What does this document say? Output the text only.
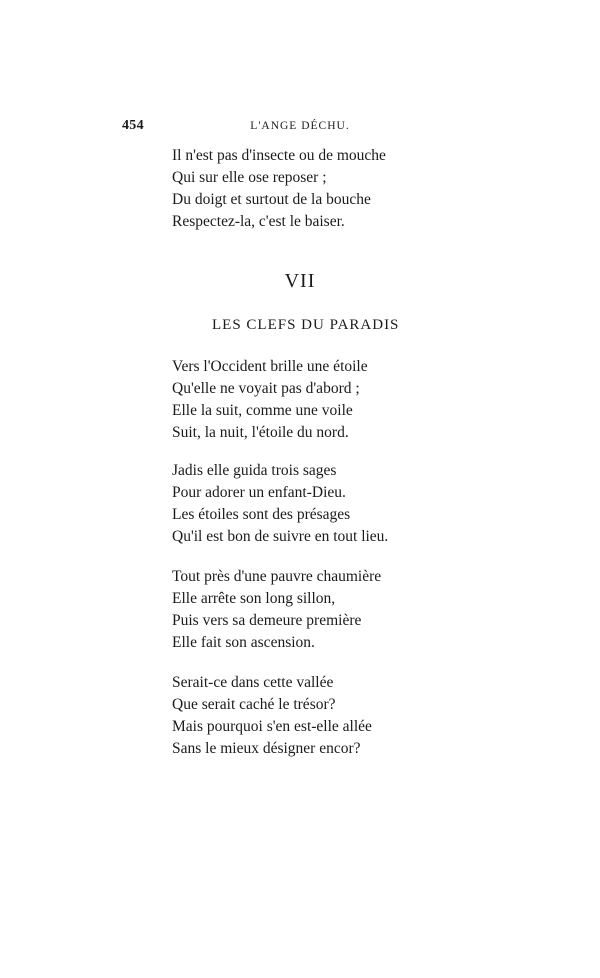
454	L'ANGE DÉCHU.
Il n'est pas d'insecte ou de mouche
Qui sur elle ose reposer ;
Du doigt et surtout de la bouche
Respectez-la, c'est le baiser.
VII
LES CLEFS DU PARADIS
Vers l'Occident brille une étoile
Qu'elle ne voyait pas d'abord ;
Elle la suit, comme une voile
Suit, la nuit, l'étoile du nord.
Jadis elle guida trois sages
Pour adorer un enfant-Dieu.
Les étoiles sont des présages
Qu'il est bon de suivre en tout lieu.
Tout près d'une pauvre chaumière
Elle arrête son long sillon,
Puis vers sa demeure première
Elle fait son ascension.
Serait-ce dans cette vallée
Que serait caché le trésor?
Mais pourquoi s'en est-elle allée
Sans le mieux désigner encor?
